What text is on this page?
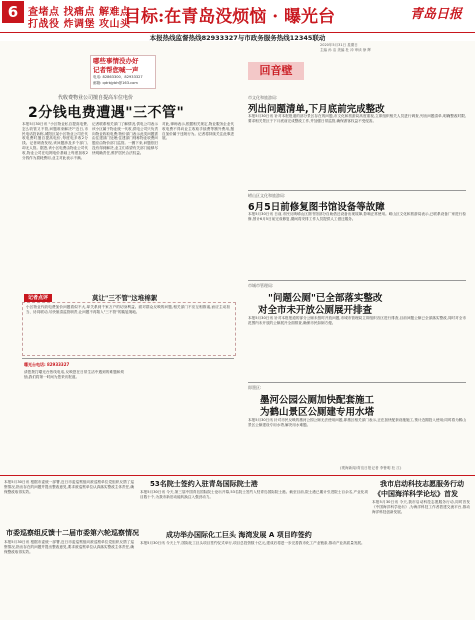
6 查堵点 找痛点 解难点
打战役 炸调堡 攻山头
目标:在青岛没烦恼 · 曝光台	青岛日报
本报热线监督热线82933327与市政务服务热线12345联动
2020年5月31日 星期日
主编 孙 洁 美编 杜 冲 审读 徐 辉
哪些事情没办好
记者帮您喊一声
电话: 82863300、82933327
邮箱: qdrbjybh@163.com
代收费物业公司擅自提高车位电价
2分钱电费遭遇"三不管"
本报5月30日讯 "小区物业私自提高电费,怎么收管又不管,问题谁来解决?"近日,市民电话投诉称,城阳区某小区物业公司在代收电费时擅自提高电价,每度电多收2分钱。记者调查发现,该问题涉及多个部门,却无人管。据悉,该小区电费由物业公司代收,物业公司在电网电价基础上每度加收2分钱作为损耗费用,业主对此表示不满。
记者联系相关部门了解情况,供电公司表示该小区属于物业统一代收,供电公司只负责向物业收取电费;物价部门表示此类问题需由住建部门处理;住建部门则称物业收费问题应由物价部门监管。一圈下来,问题依旧没有得到解决,业主们希望有关部门能够尽快明确责任,维护居民合法权益。
对此,律师表示,根据相关规定,物业服务企业代收电费不得向业主收取手续费等额外费用,擅自加价属于违规行为。记者将持续关注此事进展。
记者点评	莫让"三不管"这堆棉絮
小区物业代收电费加价问题看似不大,却关系到千家万户的切身利益。面对群众反映的问题,相关部门不应互相推诿,而应主动担当、协同联动,尽快厘清监管职责,让问题不再陷入"三不管"的尴尬境地。
曝光台电话: 82933327
请您拨打曝光台热线电话,反映您在日常生活中遇到的难题和烦恼,我们将第一时间为您采访报道。
回音壁
市文化和旅游局:
列出问题清单,下月底前完成整改
本报5月30日讯 针对本报报道的部分景区存在的问题,市文化和旅游局高度重视,立即组织相关人员进行调查,列出问题清单,明确整改时限,要求相关景区于下月底前完成整改工作,并加强日常监管,确保游客权益不受侵害。
崂山区文化和旅游局:
6月5日前修复图书馆设备等故障
本报5月30日讯 日前,市民反映崂山区图书馆部分自助借还设备出现故障,影响正常使用。崂山区文化和旅游局表示,已联系设备厂家进行检修,预计6月5日前完成修复,期间将安排工作人员提供人工借还服务。
市城市管理局:
"问题公厕"已全部落实整改
对全市未开放公厕展开排查
本报5月30日讯 针对本报报道的部分公厕未按时开放问题,市城市管理局立即组织各区进行排查,目前问题公厕已全部落实整改,同时对全市范围内未开放的公厕展开全面排查,确保市民如厕方便。
即墨区:
墨河公园公厕加快配套施工
为鹤山景区公厕建专用水塔
本报5月30日讯 针对市民反映的墨河公园公厕无法使用问题,即墨区相关部门表示,正在加快配套设施施工,预计近期投入使用;同时将为鹤山景区公厕建设专用水塔,解决用水难题。
(观海新闻/青岛日报记者 李鲁明 杜 江)
53名院士签约入驻青岛国际院士港
本报5月30日讯 今天,第三届中国青岛国际院士论坛开幕,53名院士签约入驻青岛国际院士港。截至目前,院士港已累计引进院士百余名,产业化项目数十个,为我市新旧动能转换注入强劲动力。
市委巡察组反馈十二届市委第六轮巡察情况
本报5月30日讯 根据市委统一部署,近日市委巡察组向被巡察单位党组织反馈了巡察情况,指出存在的问题并提出整改意见,要求被巡察单位认真落实整改主体责任,确保整改取得实效。
本报5月30日讯 根据市委统一部署,近日市委巡察组向被巡察单位党组织反馈了巡察情况,指出存在的问题并提出整改意见,要求被巡察单位认真落实整改主体责任,确保整改取得实效。
成功举办国际化工巨头 海湾发展 A 项目昨签约
本报5月30日讯 今天上午,国际化工巨头项目签约仪式举行,项目总投资数十亿元,建成后将进一步完善我市化工产业链条,推动产业高质量发展。
我市启动科技志愿服务行动
《中国海洋科学论坛》首发
本报5月30日讯 今天,我市启动科技志愿服务行动,同时首发《中国海洋科学论坛》,为海洋科技工作者搭建交流平台,推动海洋科技创新发展。
